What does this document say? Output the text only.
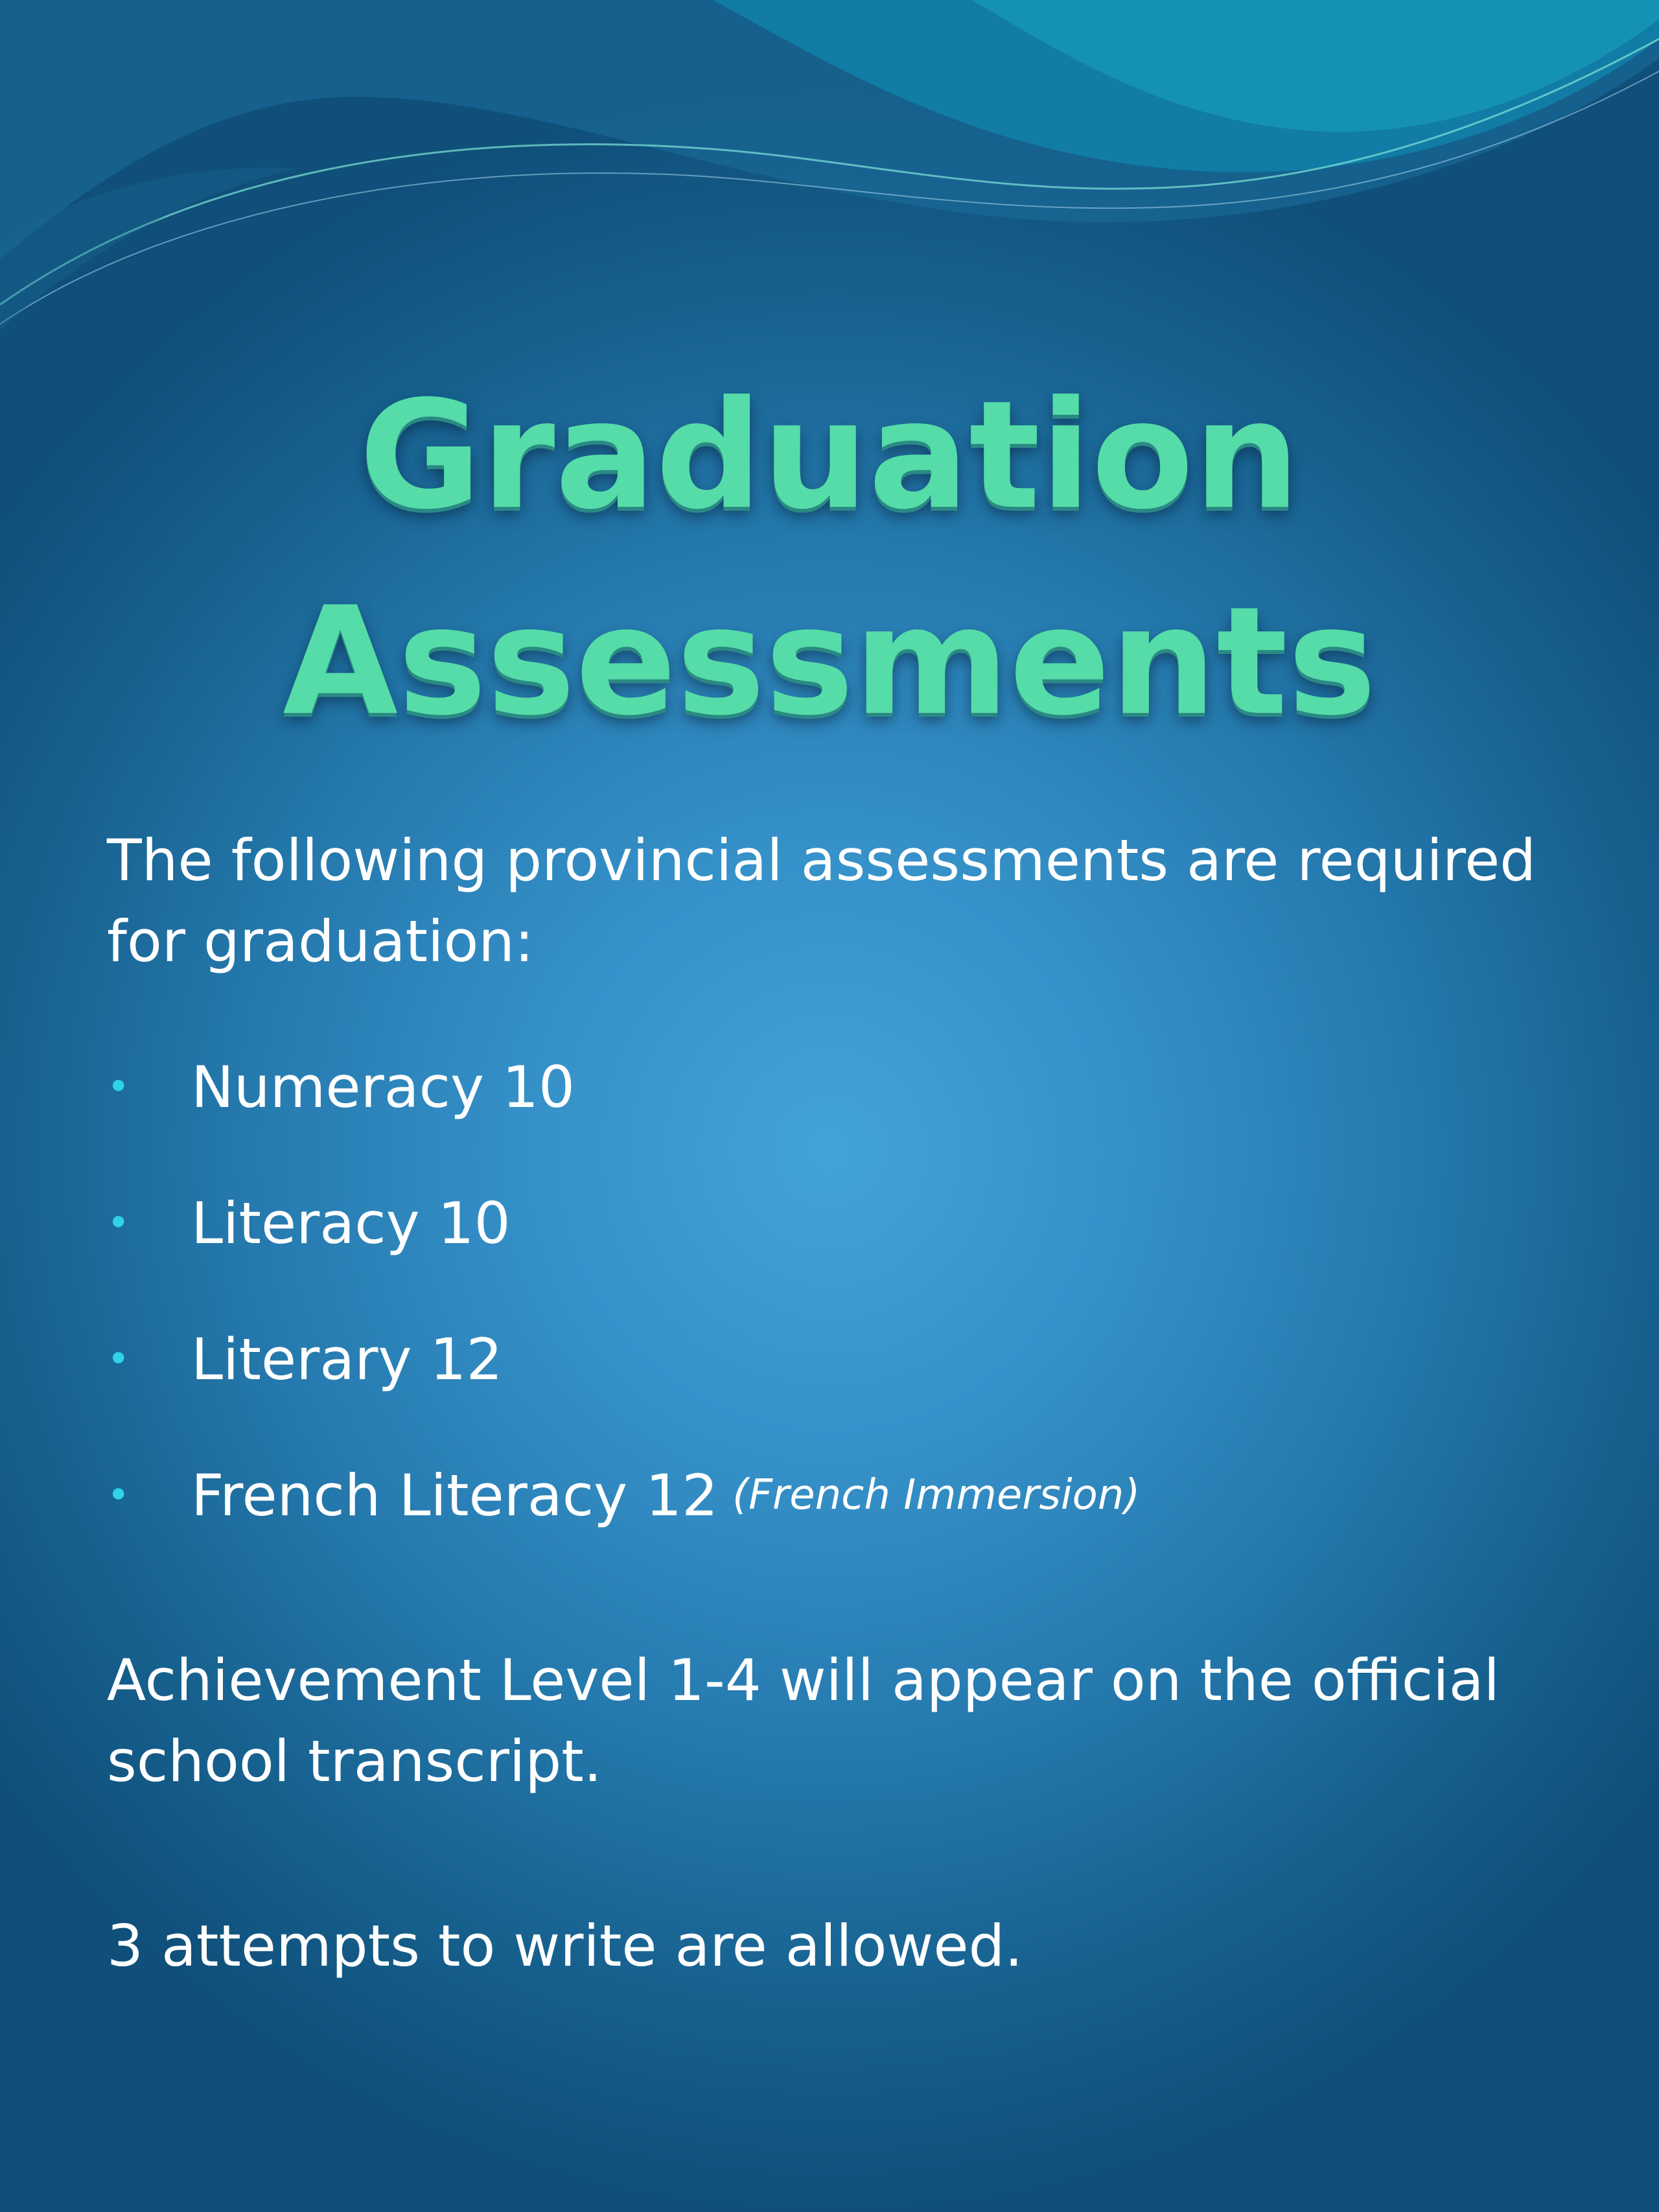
Graduation
Assessments

The following provincial assessments are required for graduation:

•	Numeracy 10
•	Literacy 10
•	Literary 12
•	French Literacy 12 (French Immersion)

Achievement Level 1-4 will appear on the official school transcript.

3 attempts to write are allowed.
